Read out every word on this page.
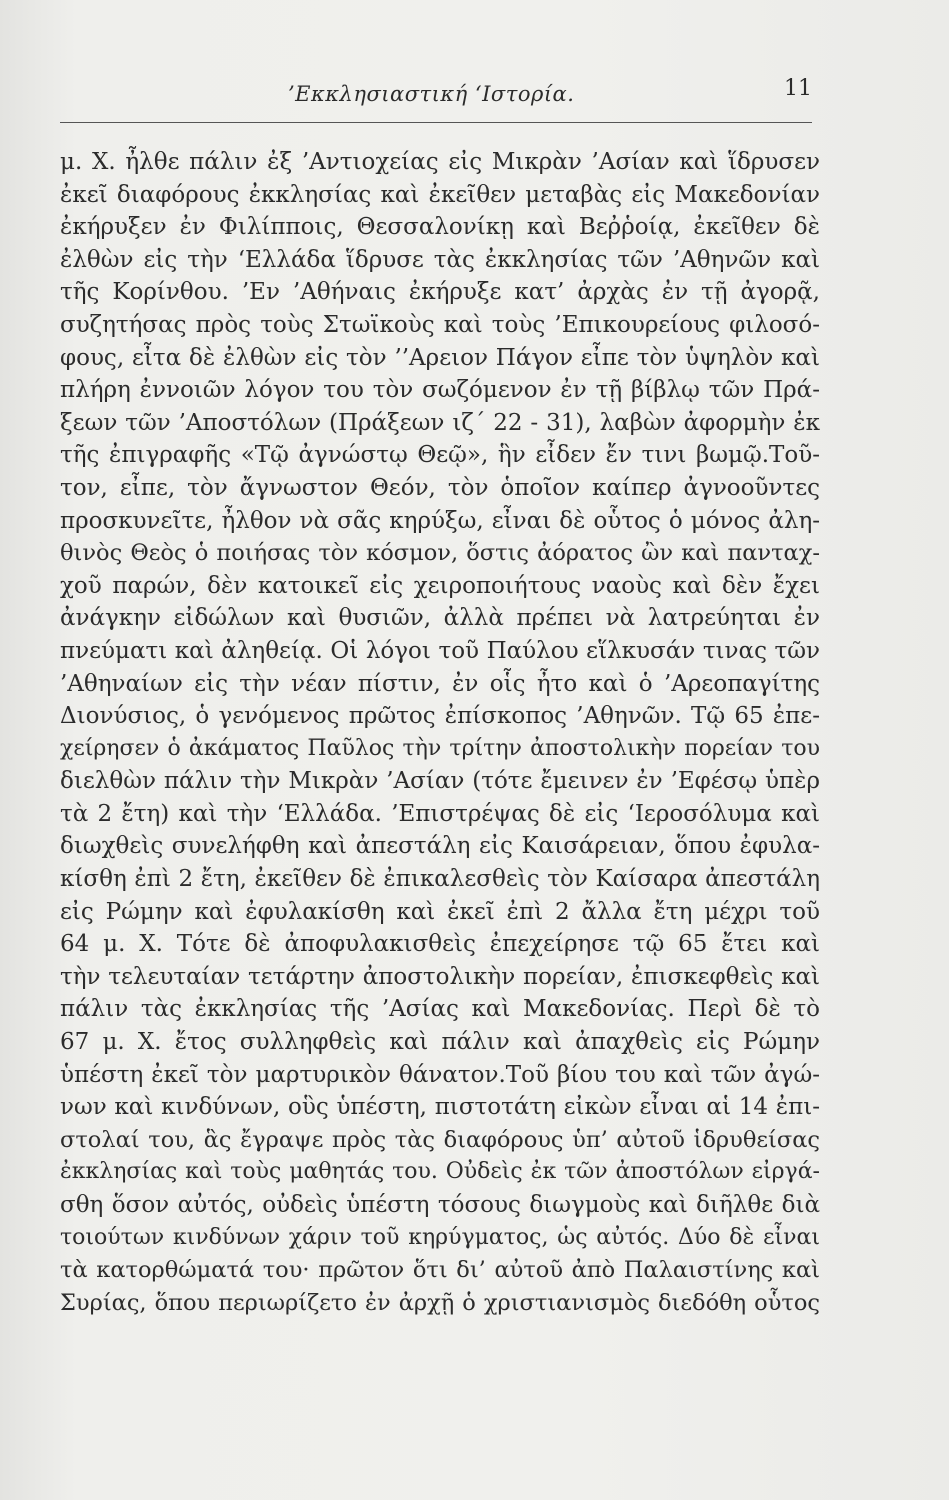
’Εκκλησιαστική ‘Ιστορία.	11
μ. Χ. ἦλθε πάλιν ἐξ ’Αντιοχείας εἰς Μικρὰν ’Ασίαν καὶ ἵδρυσεν
ἐκεῖ διαφόρους ἐκκλησίας καὶ ἐκεῖθεν μεταβὰς εἰς Μακεδονίαν
ἐκήρυξεν ἐν Φιλίπποις, Θεσσαλονίκῃ καὶ Βεῤῥοίᾳ, ἐκεῖθεν δὲ
ἐλθὼν εἰς τὴν ‘Ελλάδα ἵδρυσε τὰς ἐκκλησίας τῶν ’Αθηνῶν καὶ
τῆς Κορίνθου. ’Εν ’Αθήναις ἐκήρυξε κατ’ ἀρχὰς ἐν τῇ ἀγορᾷ,
συζητήσας πρὸς τοὺς Στωϊκοὺς καὶ τοὺς ’Επικουρείους φιλοσό-
φους, εἶτα δὲ ἐλθὼν εἰς τὸν ’’Αρειον Πάγον εἶπε τὸν ὑψηλὸν καὶ
πλήρη ἐννοιῶν λόγον του τὸν σωζόμενον ἐν τῇ βίβλῳ τῶν Πρά-
ξεων τῶν ’Αποστόλων (Πράξεων ιζ΄ 22 - 31), λαβὼν ἀφορμὴν ἐκ
τῆς ἐπιγραφῆς «Τῷ ἀγνώστῳ Θεῷ», ἣν εἶδεν ἔν τινι βωμῷ.Τοῦ-
τον, εἶπε, τὸν ἄγνωστον Θεόν, τὸν ὁποῖον καίπερ ἀγνοοῦντες
προσκυνεῖτε, ἦλθον νὰ σᾶς κηρύξω, εἶναι δὲ οὗτος ὁ μόνος ἀλη-
θινὸς Θεὸς ὁ ποιήσας τὸν κόσμον, ὅστις ἀόρατος ὢν καὶ πανταχ-
χοῦ παρών, δὲν κατοικεῖ εἰς χειροποιήτους ναοὺς καὶ δὲν ἔχει
ἀνάγκην εἰδώλων καὶ θυσιῶν, ἀλλὰ πρέπει νὰ λατρεύηται ἐν
πνεύματι καὶ ἀληθείᾳ. Οἱ λόγοι τοῦ Παύλου εἵλκυσάν τινας τῶν
’Αθηναίων εἰς τὴν νέαν πίστιν, ἐν οἷς ἦτο καὶ ὁ ’Αρεοπαγίτης
Διονύσιος, ὁ γενόμενος πρῶτος ἐπίσκοπος ’Αθηνῶν. Τῷ 65 ἐπε-
χείρησεν ὁ ἀκάματος Παῦλος τὴν τρίτην ἀποστολικὴν πορείαν του
διελθὼν πάλιν τὴν Μικρὰν ’Ασίαν (τότε ἔμεινεν ἐν ’Εφέσῳ ὑπὲρ
τὰ 2 ἔτη) καὶ τὴν ‘Ελλάδα. ’Επιστρέψας δὲ εἰς ‘Ιεροσόλυμα καὶ
διωχθεὶς συνελήφθη καὶ ἀπεστάλη εἰς Καισάρειαν, ὅπου ἐφυλα-
κίσθη ἐπὶ 2 ἔτη, ἐκεῖθεν δὲ ἐπικαλεσθεὶς τὸν Καίσαρα ἀπεστάλη
εἰς Ρώμην καὶ ἐφυλακίσθη καὶ ἐκεῖ ἐπὶ 2 ἄλλα ἔτη μέχρι τοῦ
64 μ. Χ. Τότε δὲ ἀποφυλακισθεὶς ἐπεχείρησε τῷ 65 ἔτει καὶ
τὴν τελευταίαν τετάρτην ἀποστολικὴν πορείαν, ἐπισκεφθεὶς καὶ
πάλιν τὰς ἐκκλησίας τῆς ’Ασίας καὶ Μακεδονίας. Περὶ δὲ τὸ
67 μ. Χ. ἔτος συλληφθεὶς καὶ πάλιν καὶ ἀπαχθεὶς εἰς Ρώμην
ὑπέστη ἐκεῖ τὸν μαρτυρικὸν θάνατον.Τοῦ βίου του καὶ τῶν ἀγώ-
νων καὶ κινδύνων, οὓς ὑπέστη, πιστοτάτη εἰκὼν εἶναι αἱ 14 ἐπι-
στολαί του, ἃς ἔγραψε πρὸς τὰς διαφόρους ὑπ’ αὐτοῦ ἱδρυθείσας
ἐκκλησίας καὶ τοὺς μαθητάς του. Οὐδεὶς ἐκ τῶν ἀποστόλων εἰργά-
σθη ὅσον αὐτός, οὐδεὶς ὑπέστη τόσους διωγμοὺς καὶ διῆλθε διὰ
τοιούτων κινδύνων χάριν τοῦ κηρύγματος, ὡς αὐτός. Δύο δὲ εἶναι
τὰ κατορθώματά του· πρῶτον ὅτι δι’ αὐτοῦ ἀπὸ Παλαιστίνης καὶ
Συρίας, ὅπου περιωρίζετο ἐν ἀρχῇ ὁ χριστιανισμὸς διεδόθη οὗτος
